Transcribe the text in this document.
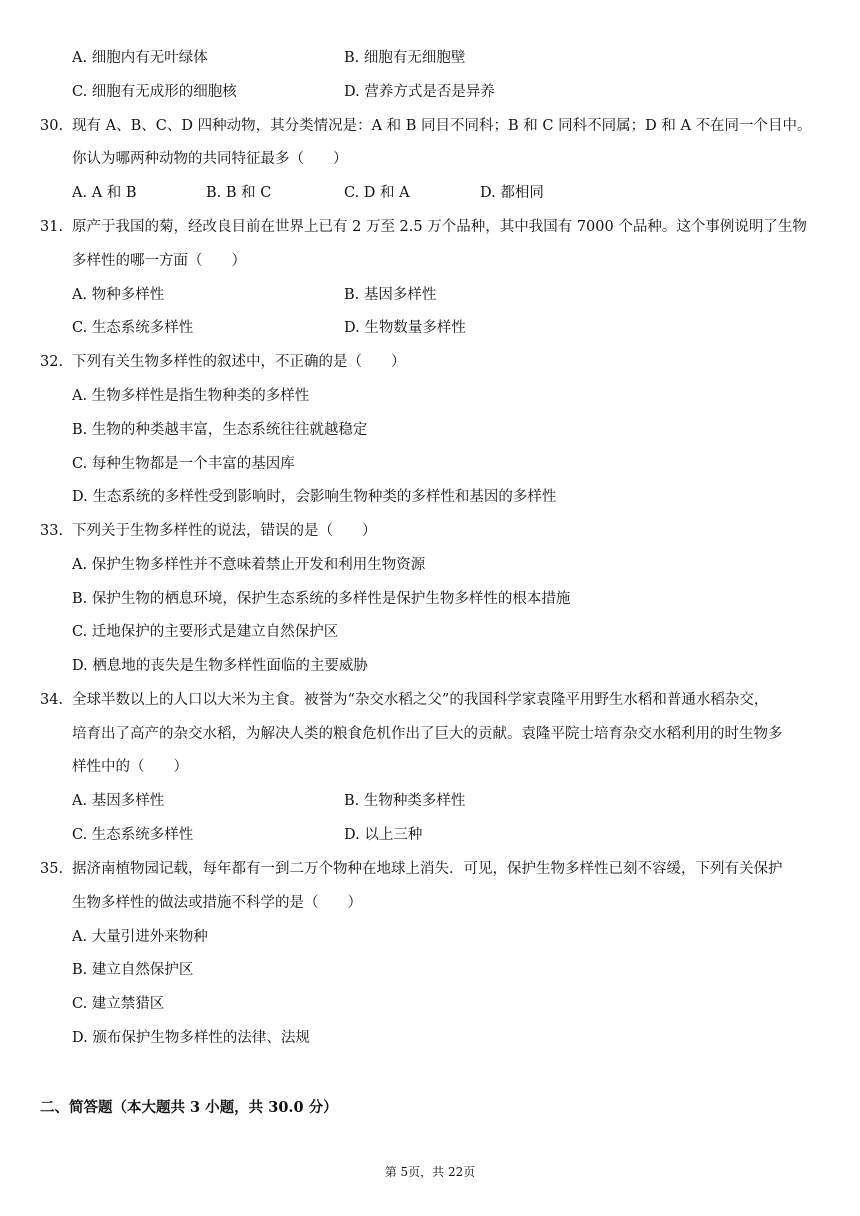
A. 细胞内有无叶绿体	B. 细胞有无细胞壁
C. 细胞有无成形的细胞核	D. 营养方式是否是异养
30. 现有 A、B、C、D 四种动物，其分类情况是：A 和 B 同目不同科；B 和 C 同科不同属；D 和 A 不在同一个目中。
你认为哪两种动物的共同特征最多（　　）
A. A 和 B	B. B 和 C	C. D 和 A	D. 都相同
31. 原产于我国的菊，经改良目前在世界上已有 2 万至 2.5 万个品种，其中我国有 7000 个品种。这个事例说明了生物
多样性的哪一方面（　　）
A. 物种多样性	B. 基因多样性
C. 生态系统多样性	D. 生物数量多样性
32. 下列有关生物多样性的叙述中，不正确的是（　　）
A. 生物多样性是指生物种类的多样性
B. 生物的种类越丰富，生态系统往往就越稳定
C. 每种生物都是一个丰富的基因库
D. 生态系统的多样性受到影响时，会影响生物种类的多样性和基因的多样性
33. 下列关于生物多样性的说法，错误的是（　　）
A. 保护生物多样性并不意味着禁止开发和利用生物资源
B. 保护生物的栖息环境，保护生态系统的多样性是保护生物多样性的根本措施
C. 迁地保护的主要形式是建立自然保护区
D. 栖息地的丧失是生物多样性面临的主要威胁
34. 全球半数以上的人口以大米为主食。被誉为“杂交水稻之父”的我国科学家袁隆平用野生水稻和普通水稻杂交，
培育出了高产的杂交水稻，为解决人类的粮食危机作出了巨大的贡献。袁隆平院士培育杂交水稻利用的时生物多
样性中的（　　）
A. 基因多样性	B. 生物种类多样性
C. 生态系统多样性	D. 以上三种
35. 据济南植物园记载，每年都有一到二万个物种在地球上消失．可见，保护生物多样性已刻不容缓，下列有关保护
生物多样性的做法或措施不科学的是（　　）
A. 大量引进外来物种
B. 建立自然保护区
C. 建立禁猎区
D. 颁布保护生物多样性的法律、法规
二、简答题（本大题共 3 小题，共 30.0 分）
第 5页，共 22页
